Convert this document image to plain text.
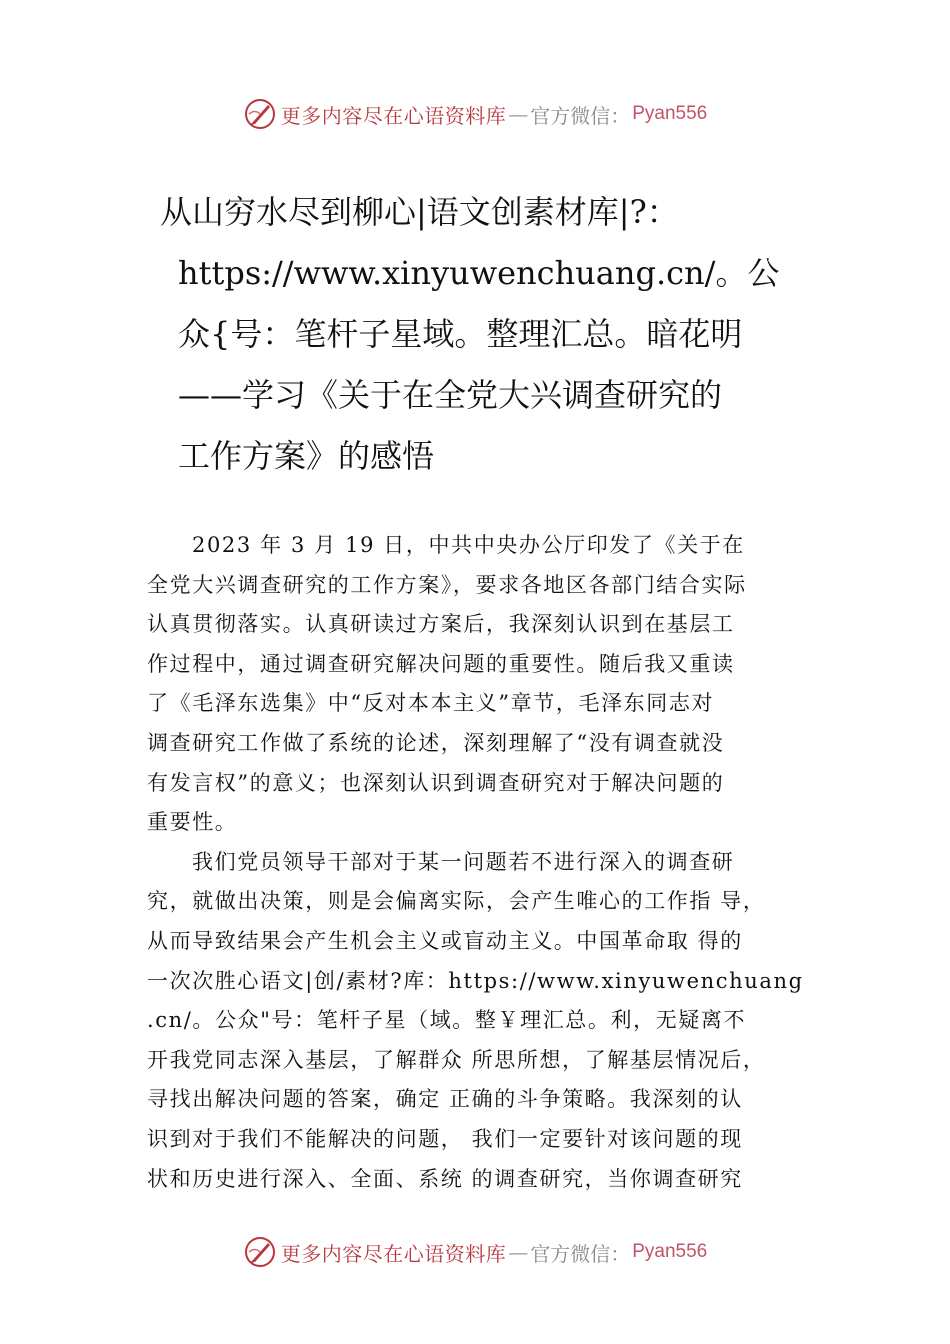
更多内容尽在心语资料库 — 官方微信： Pyan556
从山穷水尽到柳心|语文创素材库|?：
https://www.xinyuwenchuang.cn/。公
众{号：笔杆子星域。整理汇总。暗花明
——学习《关于在全党大兴调查研究的
工作方案》的感悟
2023 年 3 月 19 日，中共中央办公厅印发了《关于在
全党大兴调查研究的工作方案》，要求各地区各部门结合实际
认真贯彻落实。认真研读过方案后，我深刻认识到在基层工
作过程中，通过调查研究解决问题的重要性。随后我又重读
了《毛泽东选集》中“反对本本主义”章节，毛泽东同志对
调查研究工作做了系统的论述，深刻理解了“没有调查就没
有发言权”的意义；也深刻认识到调查研究对于解决问题的
重要性。
我们党员领导干部对于某一问题若不进行深入的调查研
究，就做出决策，则是会偏离实际，会产生唯心的工作指 导，
从而导致结果会产生机会主义或盲动主义。中国革命取 得的
一次次胜心语文|创/素材?库：https://www.xinyuwenchuang
.cn/。公众"号：笔杆子星（域。整￥理汇总。利，无疑离不
开我党同志深入基层，了解群众 所思所想，了解基层情况后，
寻找出解决问题的答案，确定 正确的斗争策略。我深刻的认
识到对于我们不能解决的问题， 我们一定要针对该问题的现
状和历史进行深入、全面、系统 的调查研究，当你调查研究
更多内容尽在心语资料库 — 官方微信： Pyan556
